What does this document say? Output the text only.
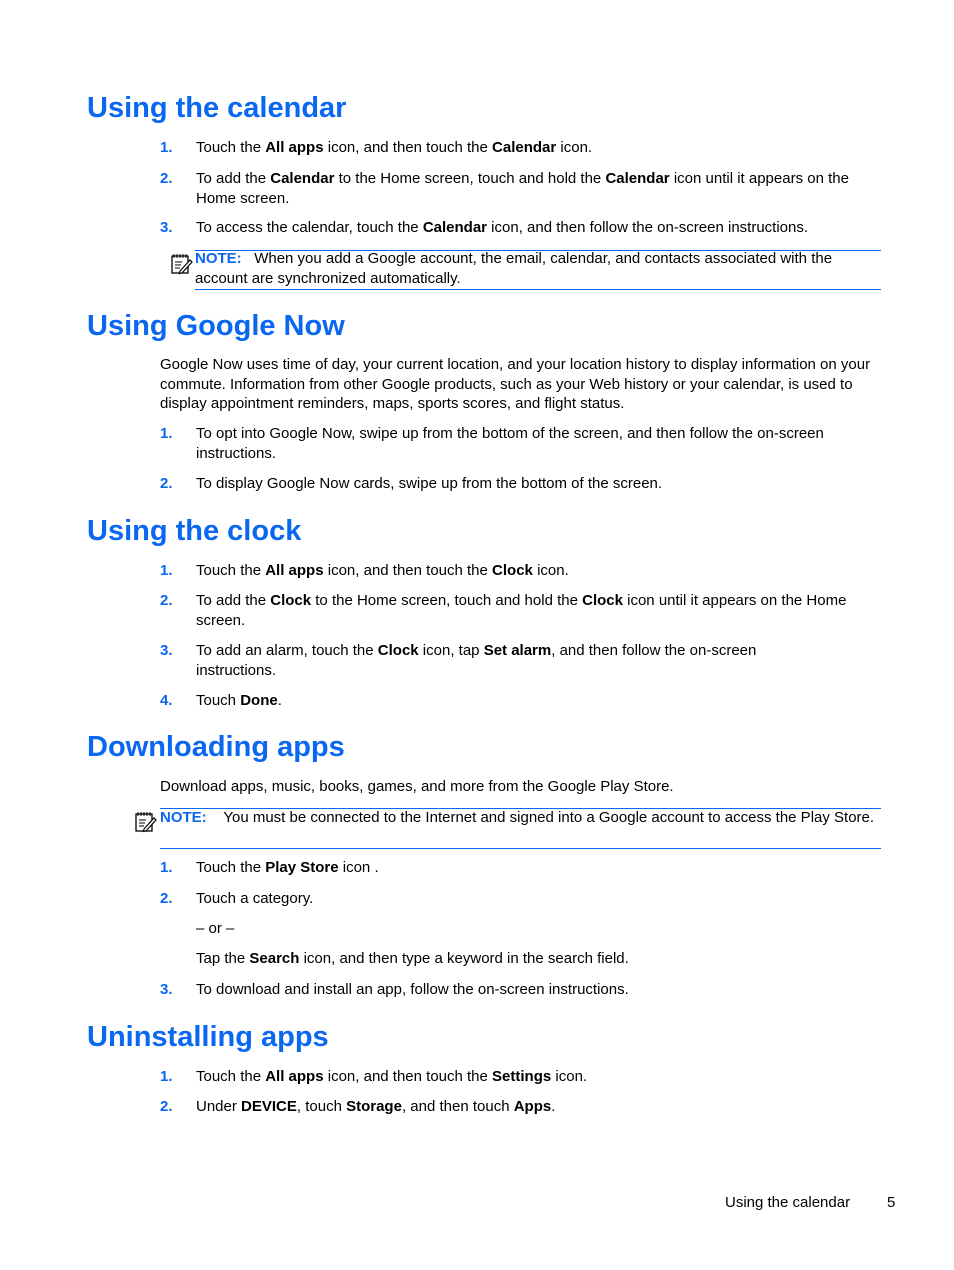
Using the calendar
1. Touch the All apps icon, and then touch the Calendar icon.
2. To add the Calendar to the Home screen, touch and hold the Calendar icon until it appears on the Home screen.
3. To access the calendar, touch the Calendar icon, and then follow the on-screen instructions.
NOTE: When you add a Google account, the email, calendar, and contacts associated with the account are synchronized automatically.
Using Google Now
Google Now uses time of day, your current location, and your location history to display information on your commute. Information from other Google products, such as your Web history or your calendar, is used to display appointment reminders, maps, sports scores, and flight status.
1. To opt into Google Now, swipe up from the bottom of the screen, and then follow the on-screen instructions.
2. To display Google Now cards, swipe up from the bottom of the screen.
Using the clock
1. Touch the All apps icon, and then touch the Clock icon.
2. To add the Clock to the Home screen, touch and hold the Clock icon until it appears on the Home screen.
3. To add an alarm, touch the Clock icon, tap Set alarm, and then follow the on-screen instructions.
4. Touch Done.
Downloading apps
Download apps, music, books, games, and more from the Google Play Store.
NOTE: You must be connected to the Internet and signed into a Google account to access the Play Store.
1. Touch the Play Store icon .
2. Touch a category.
– or –
Tap the Search icon, and then type a keyword in the search field.
3. To download and install an app, follow the on-screen instructions.
Uninstalling apps
1. Touch the All apps icon, and then touch the Settings icon.
2. Under DEVICE, touch Storage, and then touch Apps.
Using the calendar 5
